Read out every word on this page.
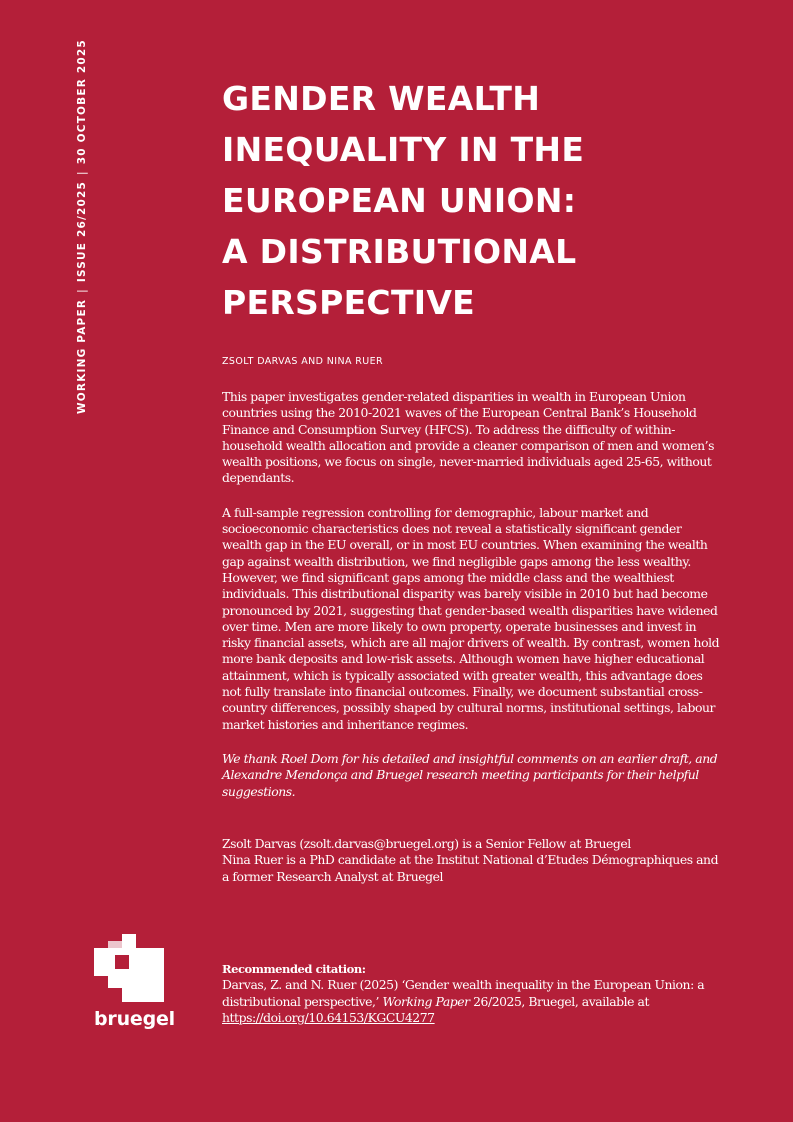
WORKING PAPER|ISSUE 26/2025|30 OCTOBER 2025	GENDER WEALTH
INEQUALITY IN THE
EUROPEAN UNION:
A DISTRIBUTIONAL
PERSPECTIVE
ZSOLT DARVAS AND NINA RUER

This paper investigates gender-related disparities in wealth in European Union countries using the 2010-2021 waves of the European Central Bank’s Household Finance and Consumption Survey (HFCS). To address the difficulty of within-household wealth allocation and provide a cleaner comparison of men and women’s wealth positions, we focus on single, never-married individuals aged 25-65, without dependants.

A full-sample regression controlling for demographic, labour market and socioeconomic characteristics does not reveal a statistically significant gender wealth gap in the EU overall, or in most EU countries. When examining the wealth gap against wealth distribution, we find negligible gaps among the less wealthy. However, we find significant gaps among the middle class and the wealthiest individuals. This distributional disparity was barely visible in 2010 but had become pronounced by 2021, suggesting that gender-based wealth disparities have widened over time. Men are more likely to own property, operate businesses and invest in risky financial assets, which are all major drivers of wealth. By contrast, women hold more bank deposits and low-risk assets. Although women have higher educational attainment, which is typically associated with greater wealth, this advantage does not fully translate into financial outcomes. Finally, we document substantial cross-country differences, possibly shaped by cultural norms, institutional settings, labour market histories and inheritance regimes.

We thank Roel Dom for his detailed and insightful comments on an earlier draft, and Alexandre Mendonça and Bruegel research meeting participants for their helpful suggestions.

Zsolt Darvas (zsolt.darvas@bruegel.org) is a Senior Fellow at Bruegel
Nina Ruer is a PhD candidate at the Institut National d’Etudes Démographiques and a former Research Analyst at Bruegel
Recommended citation:
Darvas, Z. and N. Ruer (2025) ‘Gender wealth inequality in the European Union: a distributional perspective,’ Working Paper 26/2025, Bruegel, available at https://doi.org/10.64153/KGCU4277
bruegel
